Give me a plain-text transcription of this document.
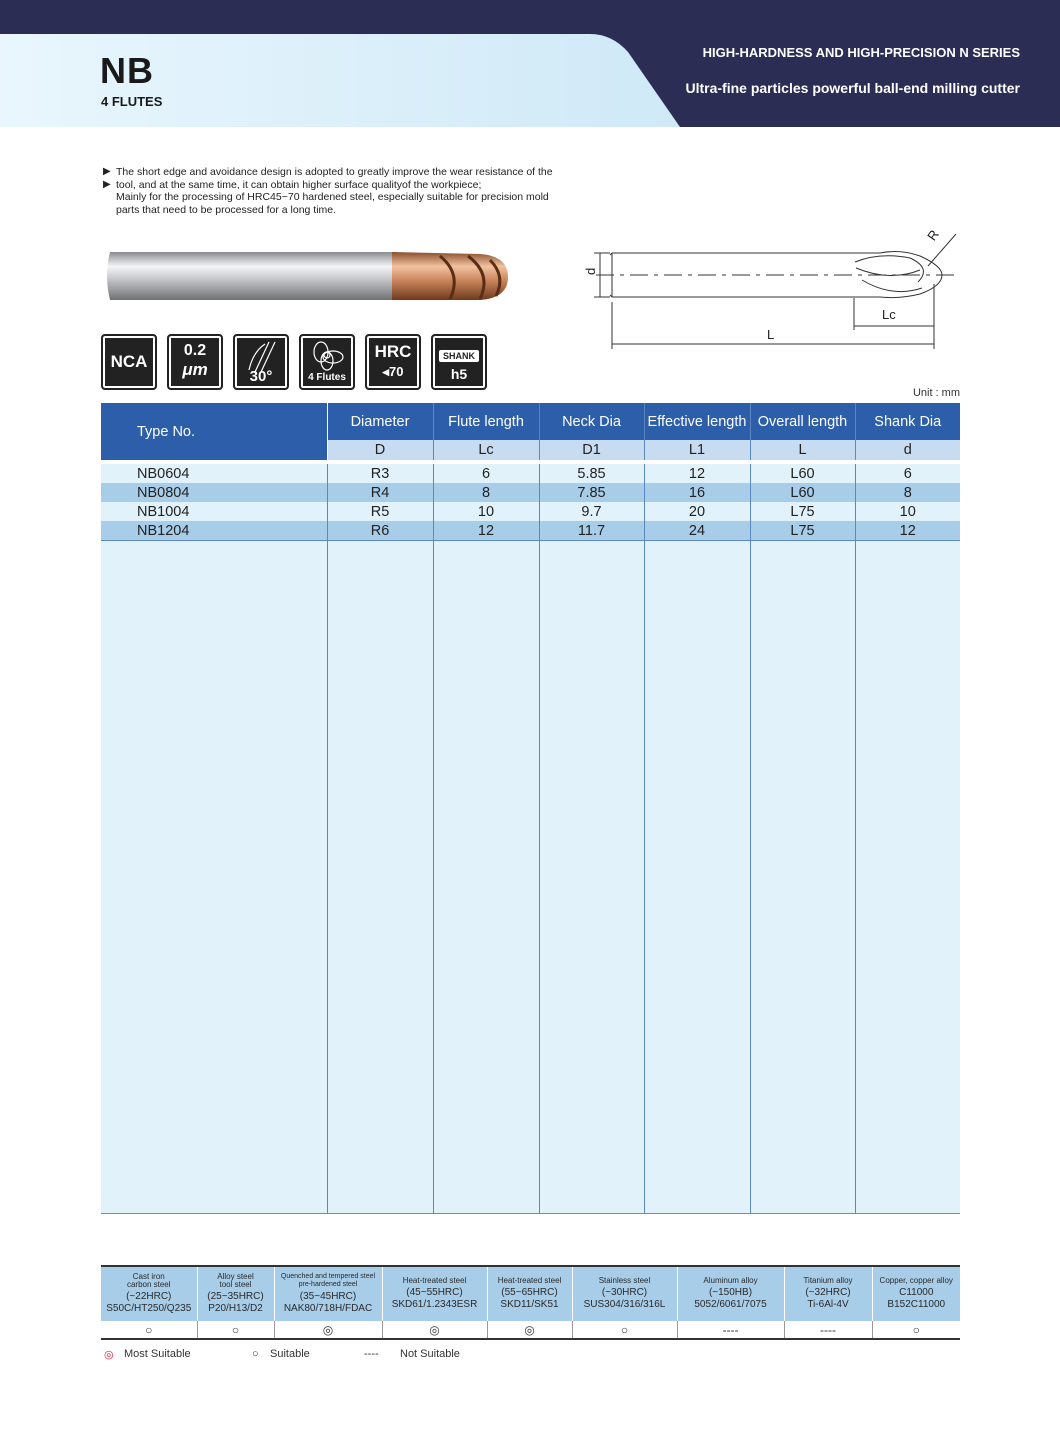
NB
4 FLUTES
HIGH-HARDNESS AND HIGH-PRECISION N SERIES
Ultra-fine particles powerful ball-end milling cutter
▶ The short edge and avoidance design is adopted to greatly improve the wear resistance of the
▶ tool, and at the same time, it can obtain higher surface qualityof the workpiece;
Mainly for the processing of HRC45~70 hardened steel, especially suitable for precision mold
parts that need to be processed for a long time.
d
Lc
L
R
NCA
0.2
μm	30°	4 Flutes
HRC
◂70
SHANK
h5
Unit : mm
Type No.	Diameter	Flute length	Neck Dia	Effective length	Overall length	Shank Dia
	D	Lc	D1	L1	L	d

NB0604	R3	6	5.85	12	L60	6
NB0804	R4	8	7.85	16	L60	8
NB1004	R5	10	9.7	20	L75	10
NB1204	R6	12	11.7	24	L75	12

Cast iron
carbon steel
(~22HRC)
S50C/HT250/Q235	Alloy steel
tool steel
(25~35HRC)
P20/H13/D2	Quenched and tempered steel
pre-hardened steel
(35~45HRC)
NAK80/718H/FDAC	Heat-treated steel
(45~55HRC)
SKD61/1.2343ESR	Heat-treated steel
(55~65HRC)
SKD11/SK51	Stainless steel
(~30HRC)
SUS304/316/316L	Aluminum alloy
(~150HB)
5052/6061/7075	Titanium alloy
(~32HRC)
Ti-6Al-4V	Copper, copper alloy
C11000
B152C11000

○	○	◎	◎	◎	○	----	----	○
◎ Most Suitable	○	Suitable	----	Not Suitable
